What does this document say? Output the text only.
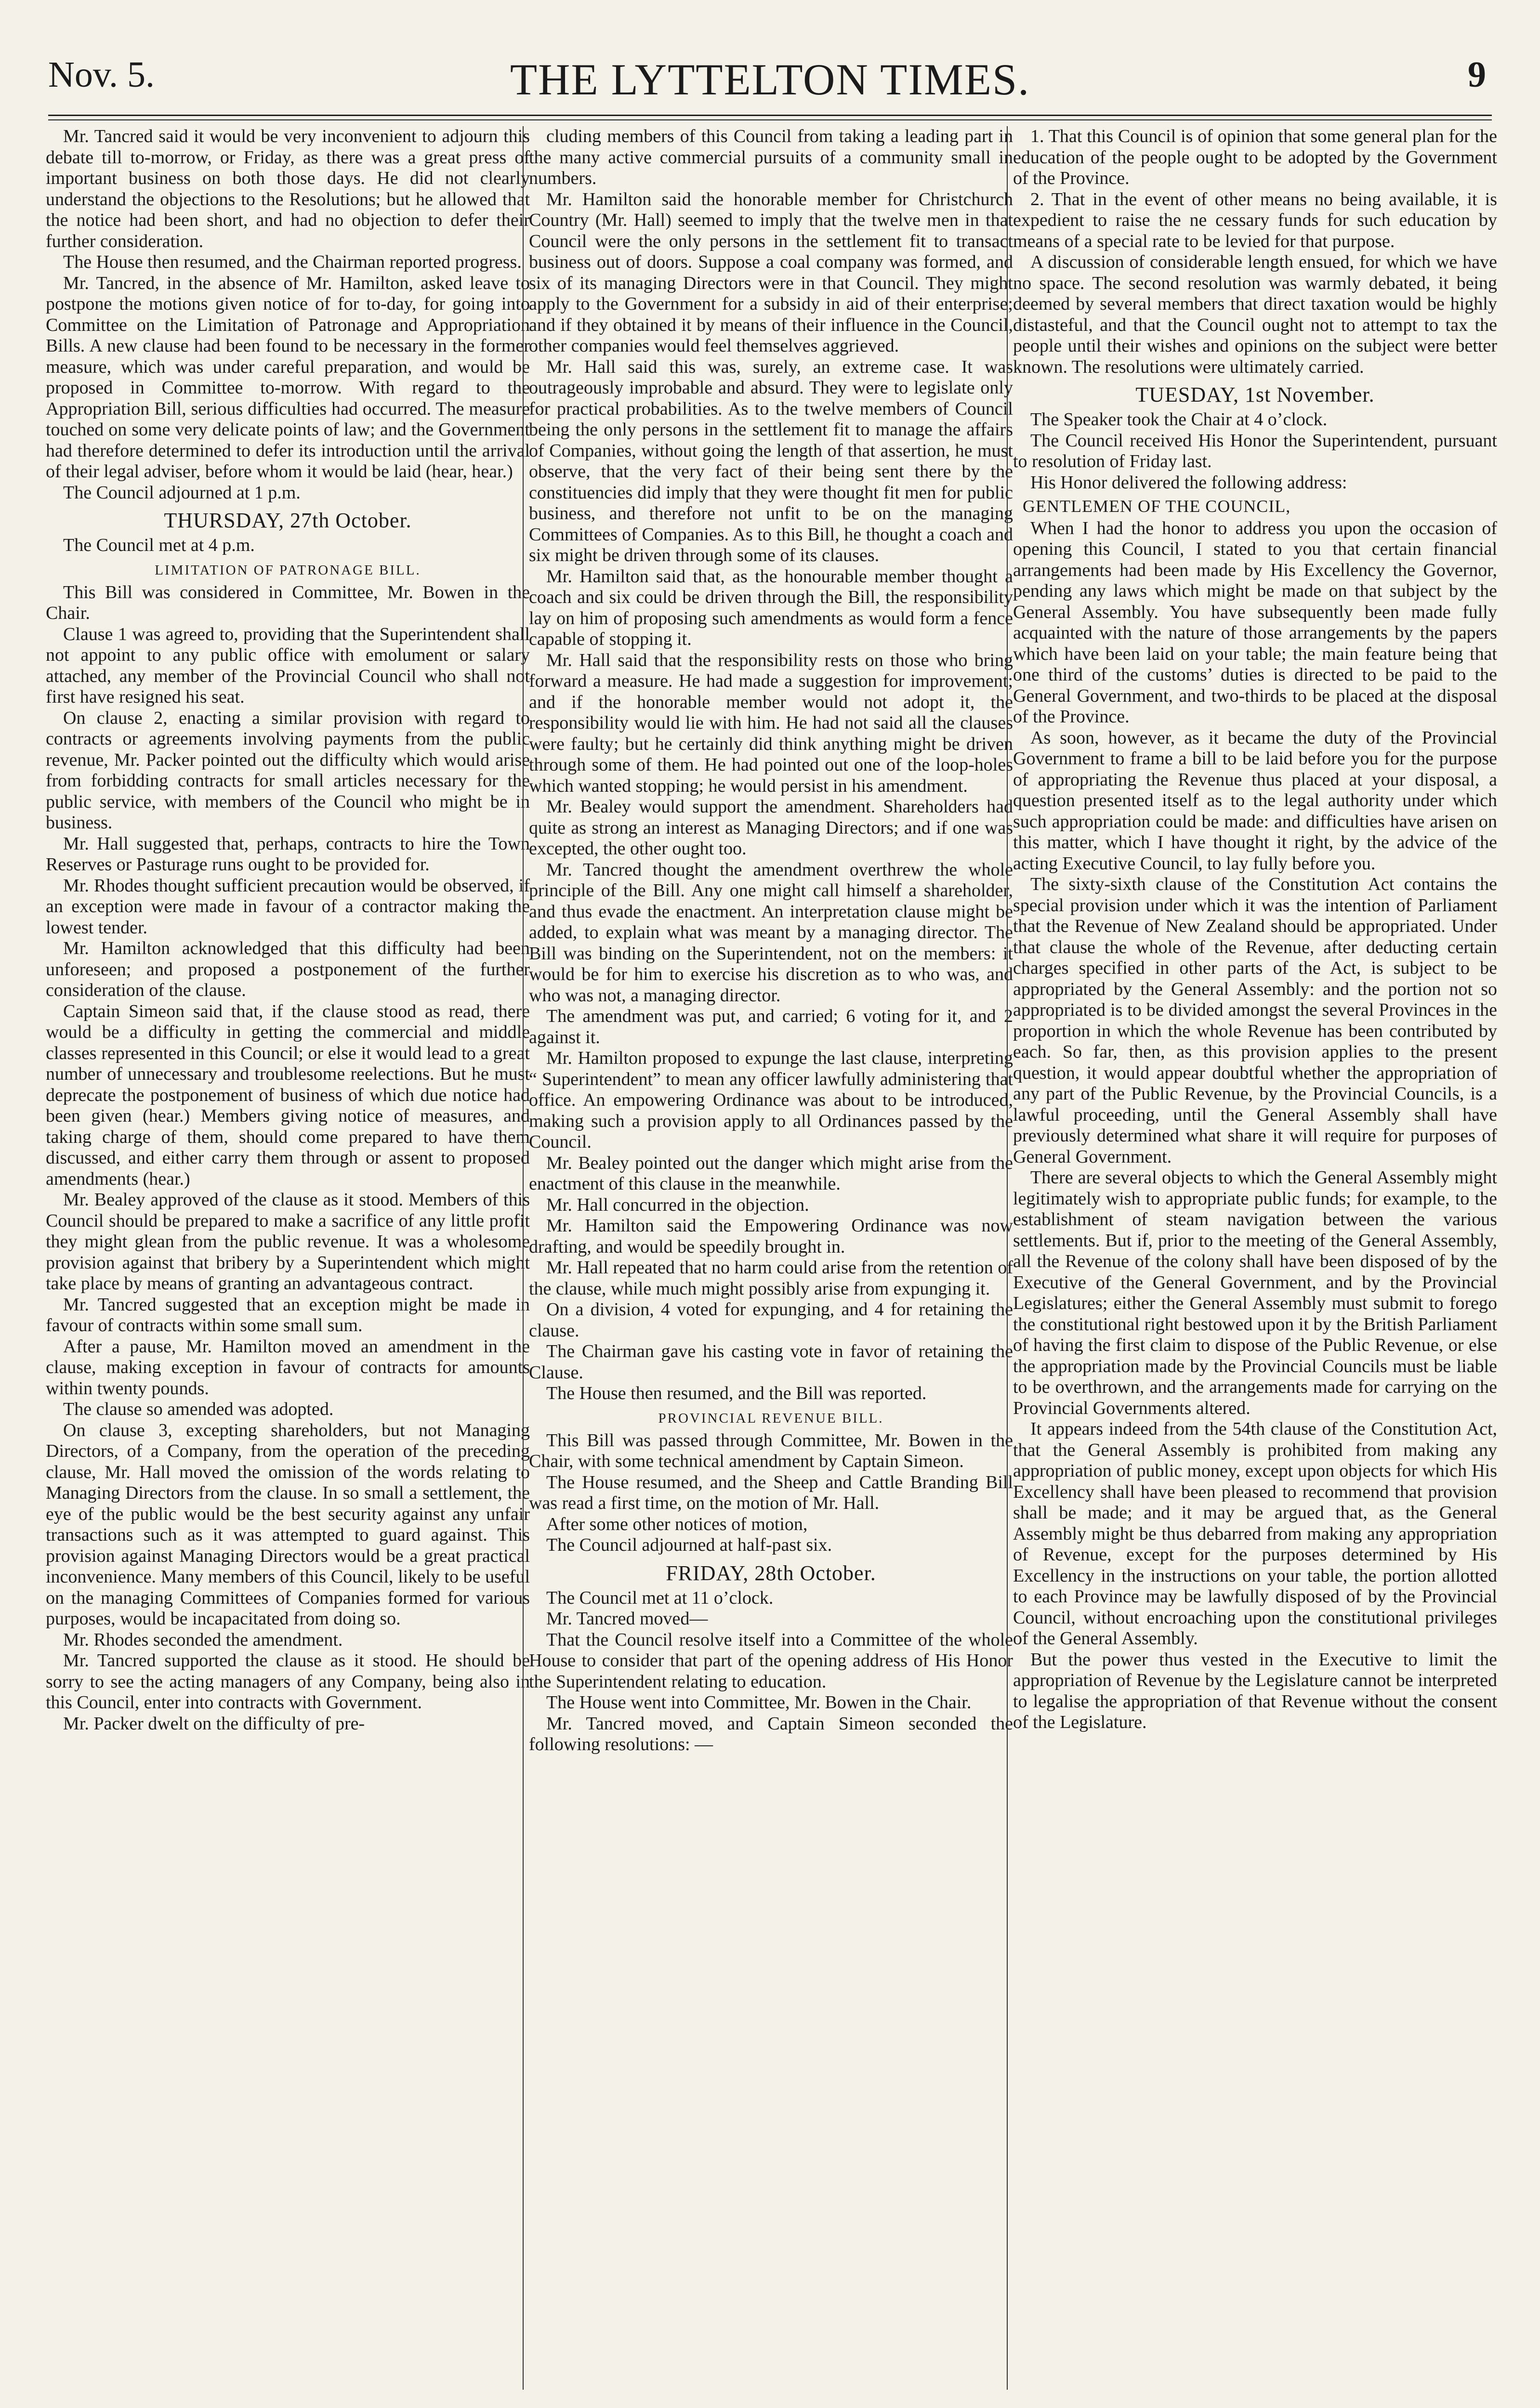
Nov. 5.	THE LYTTELTON TIMES.	9

Mr. Tancred said it would be very inconvenient to adjourn this debate till to-morrow, or Friday, as there was a great press of important business on both those days. He did not clearly understand the objections to the Resolutions; but he allowed that the notice had been short, and had no objection to defer their further consideration.

The House then resumed, and the Chairman reported progress.

Mr. Tancred, in the absence of Mr. Hamilton, asked leave to postpone the motions given notice of for to-day, for going into Committee on the Limitation of Patronage and Appropriation Bills. A new clause had been found to be necessary in the former measure, which was under careful preparation, and would be proposed in Committee to-morrow. With regard to the Appropriation Bill, serious difficulties had occurred. The measure touched on some very delicate points of law; and the Government had therefore determined to defer its introduction until the arrival of their legal adviser, before whom it would be laid (hear, hear.)

The Council adjourned at 1 p.m.

THURSDAY, 27th October.

The Council met at 4 p.m.

LIMITATION OF PATRONAGE BILL.

This Bill was considered in Committee, Mr. Bowen in the Chair.

Clause 1 was agreed to, providing that the Superintendent shall not appoint to any public office with emolument or salary attached, any member of the Provincial Council who shall not first have resigned his seat.

On clause 2, enacting a similar provision with regard to contracts or agreements involving payments from the public revenue, Mr. Packer pointed out the difficulty which would arise from forbidding contracts for small articles necessary for the public service, with members of the Council who might be in business.

Mr. Hall suggested that, perhaps, contracts to hire the Town Reserves or Pasturage runs ought to be provided for.

Mr. Rhodes thought sufficient precaution would be observed, if an exception were made in favour of a contractor making the lowest tender.

Mr. Hamilton acknowledged that this difficulty had been unforeseen; and proposed a postponement of the further consideration of the clause.

Captain Simeon said that, if the clause stood as read, there would be a difficulty in getting the commercial and middle classes represented in this Council; or else it would lead to a great number of unnecessary and troublesome reelections. But he must deprecate the postponement of business of which due notice had been given (hear.) Members giving notice of measures, and taking charge of them, should come prepared to have them discussed, and either carry them through or assent to proposed amendments (hear.)

Mr. Bealey approved of the clause as it stood. Members of this Council should be prepared to make a sacrifice of any little profit they might glean from the public revenue. It was a wholesome provision against that bribery by a Superintendent which might take place by means of granting an advantageous contract.

Mr. Tancred suggested that an exception might be made in favour of contracts within some small sum.

After a pause, Mr. Hamilton moved an amendment in the clause, making exception in favour of contracts for amounts within twenty pounds.

The clause so amended was adopted.

On clause 3, excepting shareholders, but not Managing Directors, of a Company, from the operation of the preceding clause, Mr. Hall moved the omission of the words relating to Managing Directors from the clause. In so small a settlement, the eye of the public would be the best security against any unfair transactions such as it was attempted to guard against. This provision against Managing Directors would be a great practical inconvenience. Many members of this Council, likely to be useful on the managing Committees of Companies formed for various purposes, would be incapacitated from doing so.

Mr. Rhodes seconded the amendment.

Mr. Tancred supported the clause as it stood. He should be sorry to see the acting managers of any Company, being also in this Council, enter into contracts with Government.

Mr. Packer dwelt on the difficulty of pre-

cluding members of this Council from taking a leading part in the many active commercial pursuits of a community small in numbers.

Mr. Hamilton said the honorable member for Christchurch Country (Mr. Hall) seemed to imply that the twelve men in that Council were the only persons in the settlement fit to transact business out of doors. Suppose a coal company was formed, and six of its managing Directors were in that Council. They might apply to the Government for a subsidy in aid of their enterprise; and if they obtained it by means of their influence in the Council, other companies would feel themselves aggrieved.

Mr. Hall said this was, surely, an extreme case. It was outrageously improbable and absurd. They were to legislate only for practical probabilities. As to the twelve members of Council being the only persons in the settlement fit to manage the affairs of Companies, without going the length of that assertion, he must observe, that the very fact of their being sent there by the constituencies did imply that they were thought fit men for public business, and therefore not unfit to be on the managing Committees of Companies. As to this Bill, he thought a coach and six might be driven through some of its clauses.

Mr. Hamilton said that, as the honourable member thought a coach and six could be driven through the Bill, the responsibility lay on him of proposing such amendments as would form a fence capable of stopping it.

Mr. Hall said that the responsibility rests on those who bring forward a measure. He had made a suggestion for improvement; and if the honorable member would not adopt it, the responsibility would lie with him. He had not said all the clauses were faulty; but he certainly did think anything might be driven through some of them. He had pointed out one of the loop-holes which wanted stopping; he would persist in his amendment.

Mr. Bealey would support the amendment. Shareholders had quite as strong an interest as Managing Directors; and if one was excepted, the other ought too.

Mr. Tancred thought the amendment overthrew the whole principle of the Bill. Any one might call himself a shareholder, and thus evade the enactment. An interpretation clause might be added, to explain what was meant by a managing director. The Bill was binding on the Superintendent, not on the members: it would be for him to exercise his discretion as to who was, and who was not, a managing director.

The amendment was put, and carried; 6 voting for it, and 2 against it.

Mr. Hamilton proposed to expunge the last clause, interpreting “ Superintendent” to mean any officer lawfully administering that office. An empowering Ordinance was about to be introduced, making such a provision apply to all Ordinances passed by the Council.

Mr. Bealey pointed out the danger which might arise from the enactment of this clause in the meanwhile.

Mr. Hall concurred in the objection.

Mr. Hamilton said the Empowering Ordinance was now drafting, and would be speedily brought in.

Mr. Hall repeated that no harm could arise from the retention of the clause, while much might possibly arise from expunging it.

On a division, 4 voted for expunging, and 4 for retaining the clause.

The Chairman gave his casting vote in favor of retaining the Clause.

The House then resumed, and the Bill was reported.

PROVINCIAL REVENUE BILL.

This Bill was passed through Committee, Mr. Bowen in the Chair, with some technical amendment by Captain Simeon.

The House resumed, and the Sheep and Cattle Branding Bill was read a first time, on the motion of Mr. Hall.

After some other notices of motion,

The Council adjourned at half-past six.

FRIDAY, 28th October.

The Council met at 11 o’clock.

Mr. Tancred moved—

That the Council resolve itself into a Committee of the whole House to consider that part of the opening address of His Honor the Superintendent relating to education.

The House went into Committee, Mr. Bowen in the Chair.

Mr. Tancred moved, and Captain Simeon seconded the following resolutions: —

1. That this Council is of opinion that some general plan for the education of the people ought to be adopted by the Government of the Province.

2. That in the event of other means no being available, it is expedient to raise the ne cessary funds for such education by means of a special rate to be levied for that purpose.

A discussion of considerable length ensued, for which we have no space. The second resolution was warmly debated, it being deemed by several members that direct taxation would be highly distasteful, and that the Council ought not to attempt to tax the people until their wishes and opinions on the subject were better known. The resolutions were ultimately carried.

TUESDAY, 1st November.

The Speaker took the Chair at 4 o’clock.

The Council received His Honor the Superintendent, pursuant to resolution of Friday last.

His Honor delivered the following address:

GENTLEMEN OF THE COUNCIL,

When I had the honor to address you upon the occasion of opening this Council, I stated to you that certain financial arrangements had been made by His Excellency the Governor, pending any laws which might be made on that subject by the General Assembly. You have subsequently been made fully acquainted with the nature of those arrangements by the papers which have been laid on your table; the main feature being that one third of the customs’ duties is directed to be paid to the General Government, and two-thirds to be placed at the disposal of the Province.

As soon, however, as it became the duty of the Provincial Government to frame a bill to be laid before you for the purpose of appropriating the Revenue thus placed at your disposal, a question presented itself as to the legal authority under which such appropriation could be made: and difficulties have arisen on this matter, which I have thought it right, by the advice of the acting Executive Council, to lay fully before you.

The sixty-sixth clause of the Constitution Act contains the special provision under which it was the intention of Parliament that the Revenue of New Zealand should be appropriated. Under that clause the whole of the Revenue, after deducting certain charges specified in other parts of the Act, is subject to be appropriated by the General Assembly: and the portion not so appropriated is to be divided amongst the several Provinces in the proportion in which the whole Revenue has been contributed by each. So far, then, as this provision applies to the present question, it would appear doubtful whether the appropriation of any part of the Public Revenue, by the Provincial Councils, is a lawful proceeding, until the General Assembly shall have previously determined what share it will require for purposes of General Government.

There are several objects to which the General Assembly might legitimately wish to appropriate public funds; for example, to the establishment of steam navigation between the various settlements. But if, prior to the meeting of the General Assembly, all the Revenue of the colony shall have been disposed of by the Executive of the General Government, and by the Provincial Legislatures; either the General Assembly must submit to forego the constitutional right bestowed upon it by the British Parliament of having the first claim to dispose of the Public Revenue, or else the appropriation made by the Provincial Councils must be liable to be overthrown, and the arrangements made for carrying on the Provincial Governments altered.

It appears indeed from the 54th clause of the Constitution Act, that the General Assembly is prohibited from making any appropriation of public money, except upon objects for which His Excellency shall have been pleased to recommend that provision shall be made; and it may be argued that, as the General Assembly might be thus debarred from making any appropriation of Revenue, except for the purposes determined by His Excellency in the instructions on your table, the portion allotted to each Province may be lawfully disposed of by the Provincial Council, without encroaching upon the constitutional privileges of the General Assembly.

But the power thus vested in the Executive to limit the appropriation of Revenue by the Legislature cannot be interpreted to legalise the appropriation of that Revenue without the consent of the Legislature.
